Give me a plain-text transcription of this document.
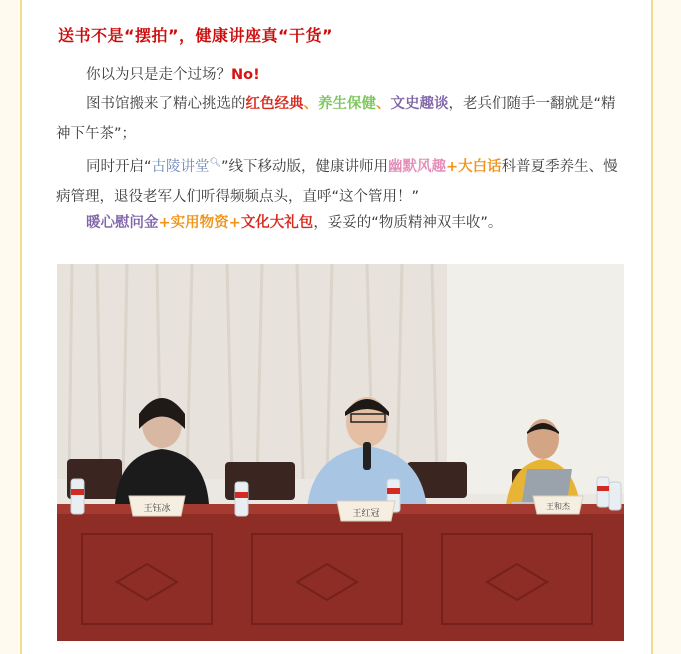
送书不是“摆拍”，健康讲座真“干货”
你以为只是走个过场？No!
图书馆搬来了精心挑选的红色经典、养生保健、文史趣谈，老兵们随手一翻就是“精神下午茶”；
同时开启“古陵讲堂🔍︎”线下移动版，健康讲师用幽默风趣+大白话科普夏季养生、慢病管理，退役老军人们听得频频点头，直呼“这个管用！”
暖心慰问金+实用物资+文化大礼包，妥妥的“物质精神双丰收”。
王钰冰	王红冠
王和杰
